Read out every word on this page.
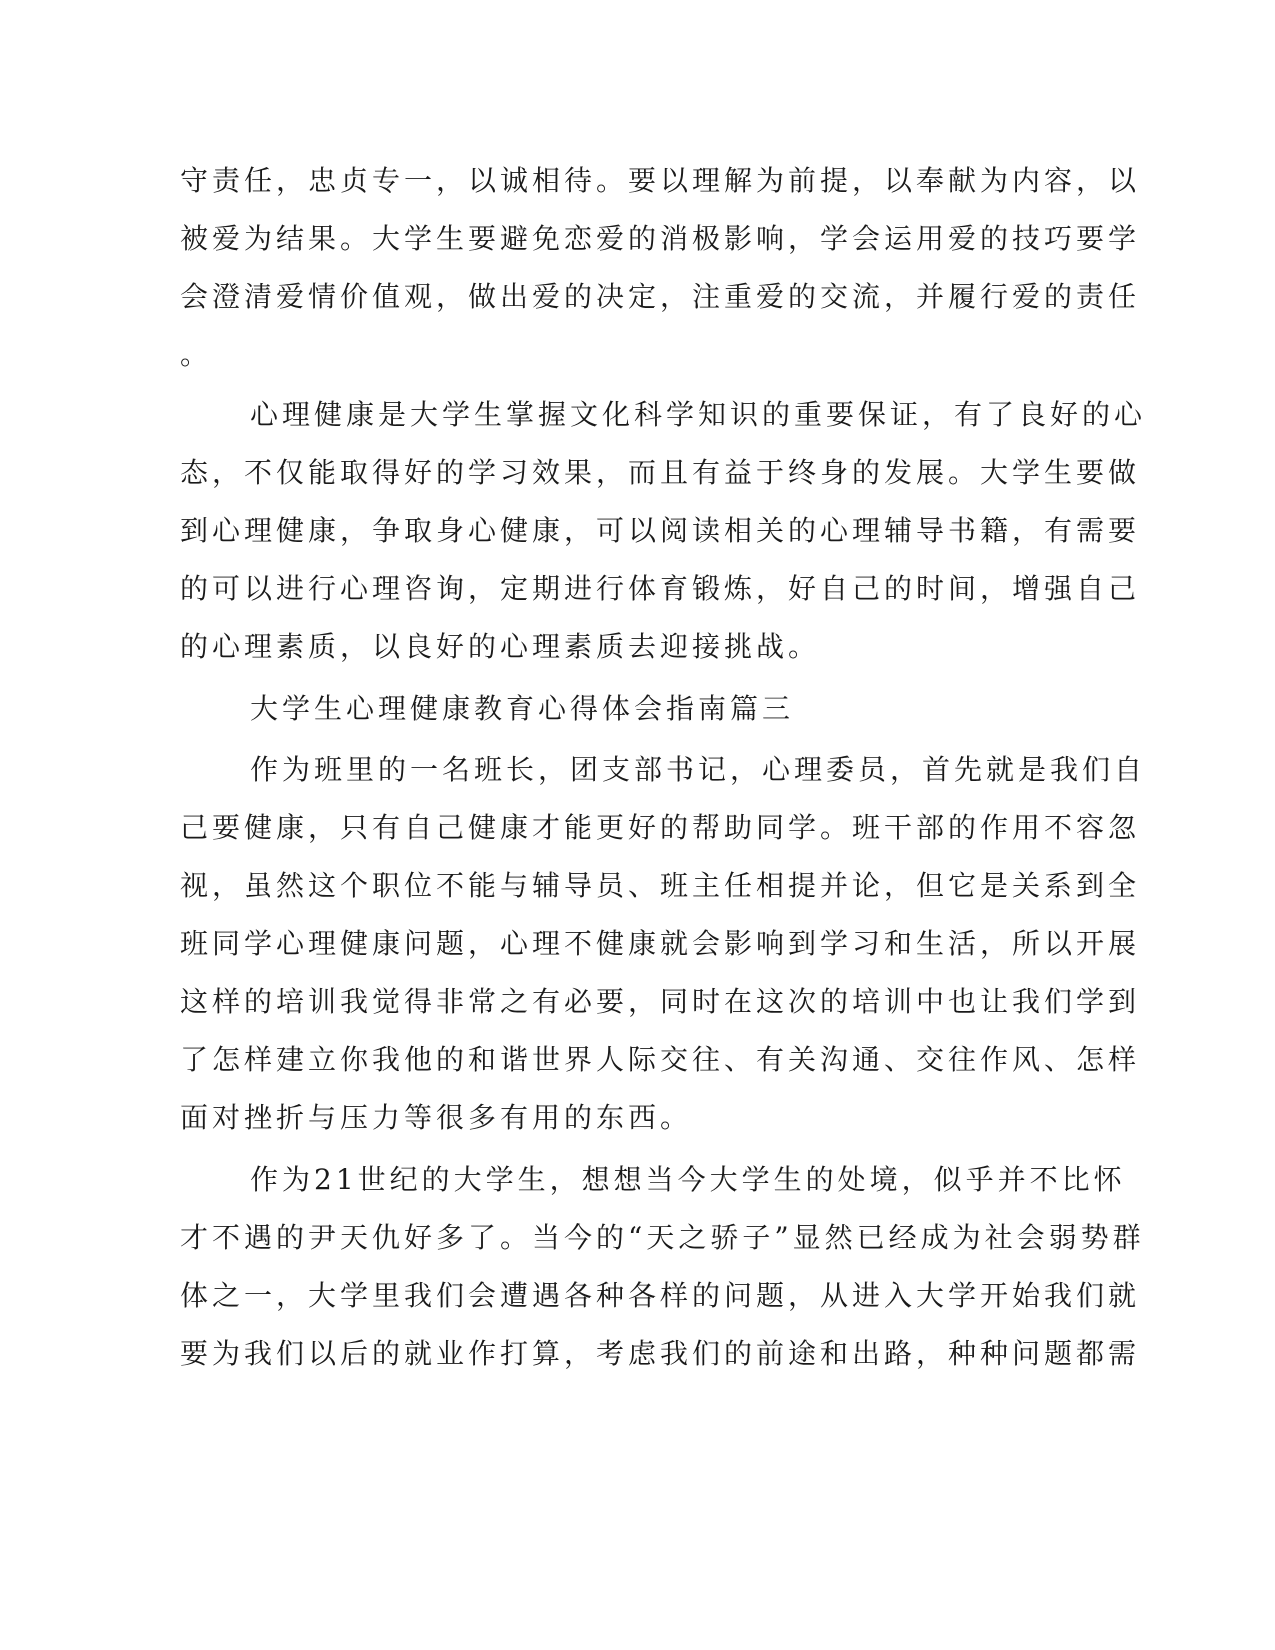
守责任，忠贞专一，以诚相待。要以理解为前提，以奉献为内容，以
被爱为结果。大学生要避免恋爱的消极影响，学会运用爱的技巧要学
会澄清爱情价值观，做出爱的决定，注重爱的交流，并履行爱的责任
。
心理健康是大学生掌握文化科学知识的重要保证，有了良好的心
态，不仅能取得好的学习效果，而且有益于终身的发展。大学生要做
到心理健康，争取身心健康，可以阅读相关的心理辅导书籍，有需要
的可以进行心理咨询，定期进行体育锻炼，好自己的时间，增强自己
的心理素质，以良好的心理素质去迎接挑战。
大学生心理健康教育心得体会指南篇三
作为班里的一名班长，团支部书记，心理委员，首先就是我们自
己要健康，只有自己健康才能更好的帮助同学。班干部的作用不容忽
视，虽然这个职位不能与辅导员、班主任相提并论，但它是关系到全
班同学心理健康问题，心理不健康就会影响到学习和生活，所以开展
这样的培训我觉得非常之有必要，同时在这次的培训中也让我们学到
了怎样建立你我他的和谐世界人际交往、有关沟通、交往作风、怎样
面对挫折与压力等很多有用的东西。
作为21世纪的大学生，想想当今大学生的处境，似乎并不比怀
才不遇的尹天仇好多了。当今的“天之骄子”显然已经成为社会弱势群
体之一，大学里我们会遭遇各种各样的问题，从进入大学开始我们就
要为我们以后的就业作打算，考虑我们的前途和出路，种种问题都需
